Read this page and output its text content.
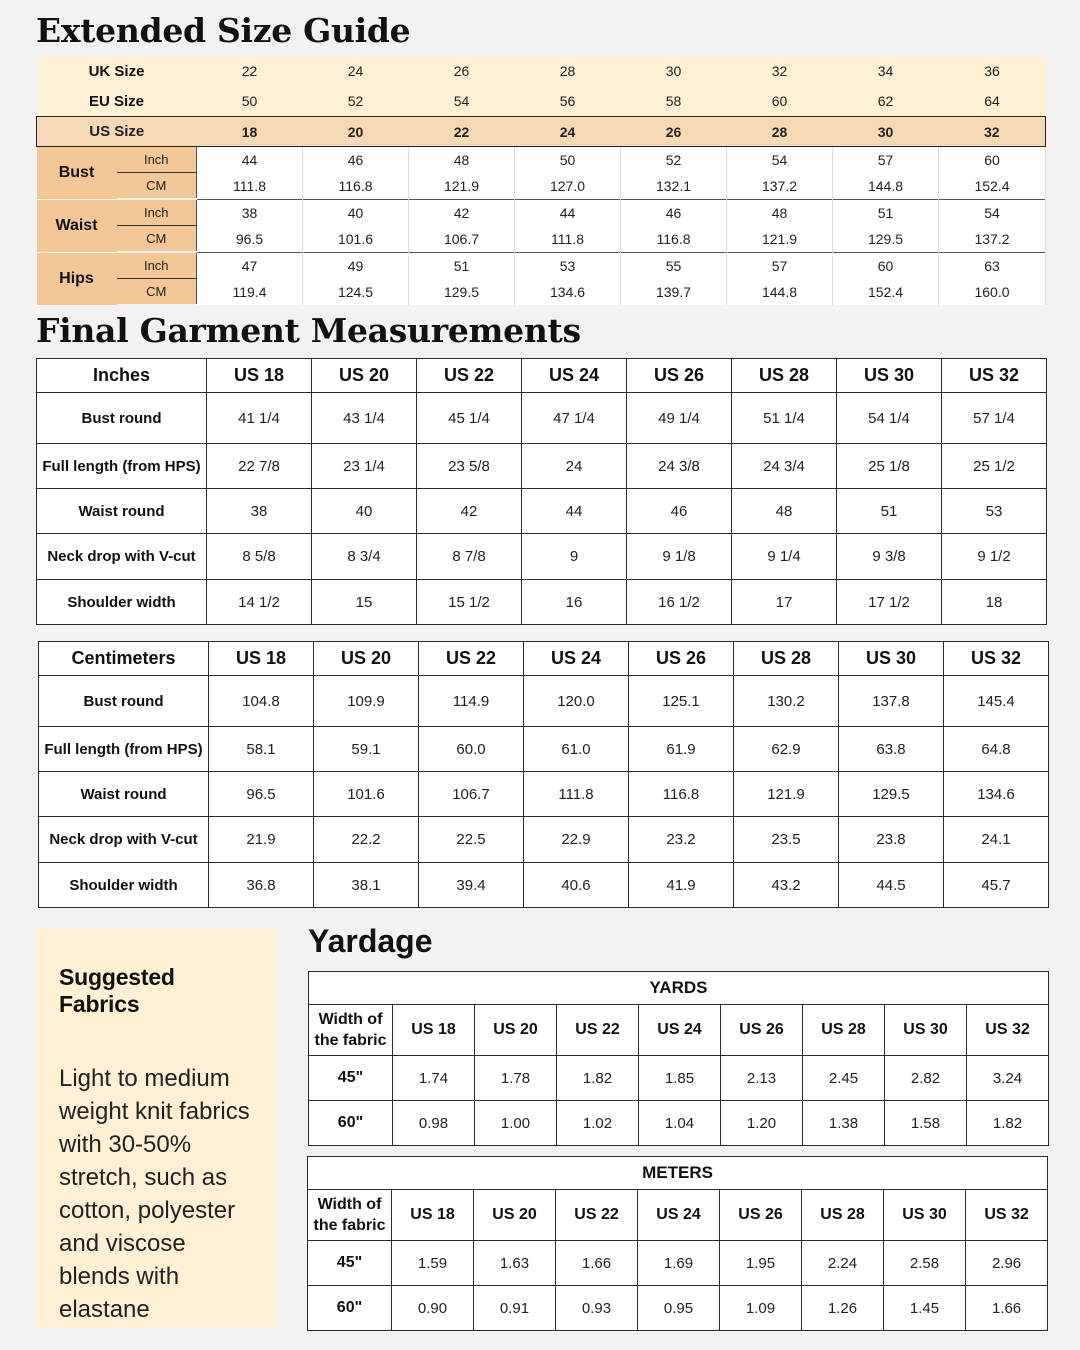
Extended Size Guide
UK Size		22	24	26	28	30	32	34	36
EU Size		50	52	54	56	58	60	62	64
US Size		18	20	22	24	26	28	30	32
Bust	Inch	44	46	48	50	52	54	57	60
	CM	111.8	116.8	121.9	127.0	132.1	137.2	144.8	152.4
Waist	Inch	38	40	42	44	46	48	51	54
	CM	96.5	101.6	106.7	111.8	116.8	121.9	129.5	137.2
Hips	Inch	47	49	51	53	55	57	60	63
	CM	119.4	124.5	129.5	134.6	139.7	144.8	152.4	160.0
Final Garment Measurements
Inches	US 18	US 20	US 22	US 24	US 26	US 28	US 30	US 32
Bust round	41 1/4	43 1/4	45 1/4	47 1/4	49 1/4	51 1/4	54 1/4	57 1/4
Full length (from HPS)	22 7/8	23 1/4	23 5/8	24	24 3/8	24 3/4	25 1/8	25 1/2
Waist round	38	40	42	44	46	48	51	53
Neck drop with V-cut	8 5/8	8 3/4	8 7/8	9	9 1/8	9 1/4	9 3/8	9 1/2
Shoulder width	14 1/2	15	15 1/2	16	16 1/2	17	17 1/2	18
Centimeters	US 18	US 20	US 22	US 24	US 26	US 28	US 30	US 32
Bust round	104.8	109.9	114.9	120.0	125.1	130.2	137.8	145.4
Full length (from HPS)	58.1	59.1	60.0	61.0	61.9	62.9	63.8	64.8
Waist round	96.5	101.6	106.7	111.8	116.8	121.9	129.5	134.6
Neck drop with V-cut	21.9	22.2	22.5	22.9	23.2	23.5	23.8	24.1
Shoulder width	36.8	38.1	39.4	40.6	41.9	43.2	44.5	45.7
Suggested Fabrics

Light to medium weight knit fabrics with 30-50% stretch, such as cotton, polyester and viscose blends with elastane

Yardage
YARDS								
Width of the fabric	US 18	US 20	US 22	US 24	US 26	US 28	US 30	US 32
45"	1.74	1.78	1.82	1.85	2.13	2.45	2.82	3.24
60"	0.98	1.00	1.02	1.04	1.20	1.38	1.58	1.82
METERS								
Width of the fabric	US 18	US 20	US 22	US 24	US 26	US 28	US 30	US 32
45"	1.59	1.63	1.66	1.69	1.95	2.24	2.58	2.96
60"	0.90	0.91	0.93	0.95	1.09	1.26	1.45	1.66
